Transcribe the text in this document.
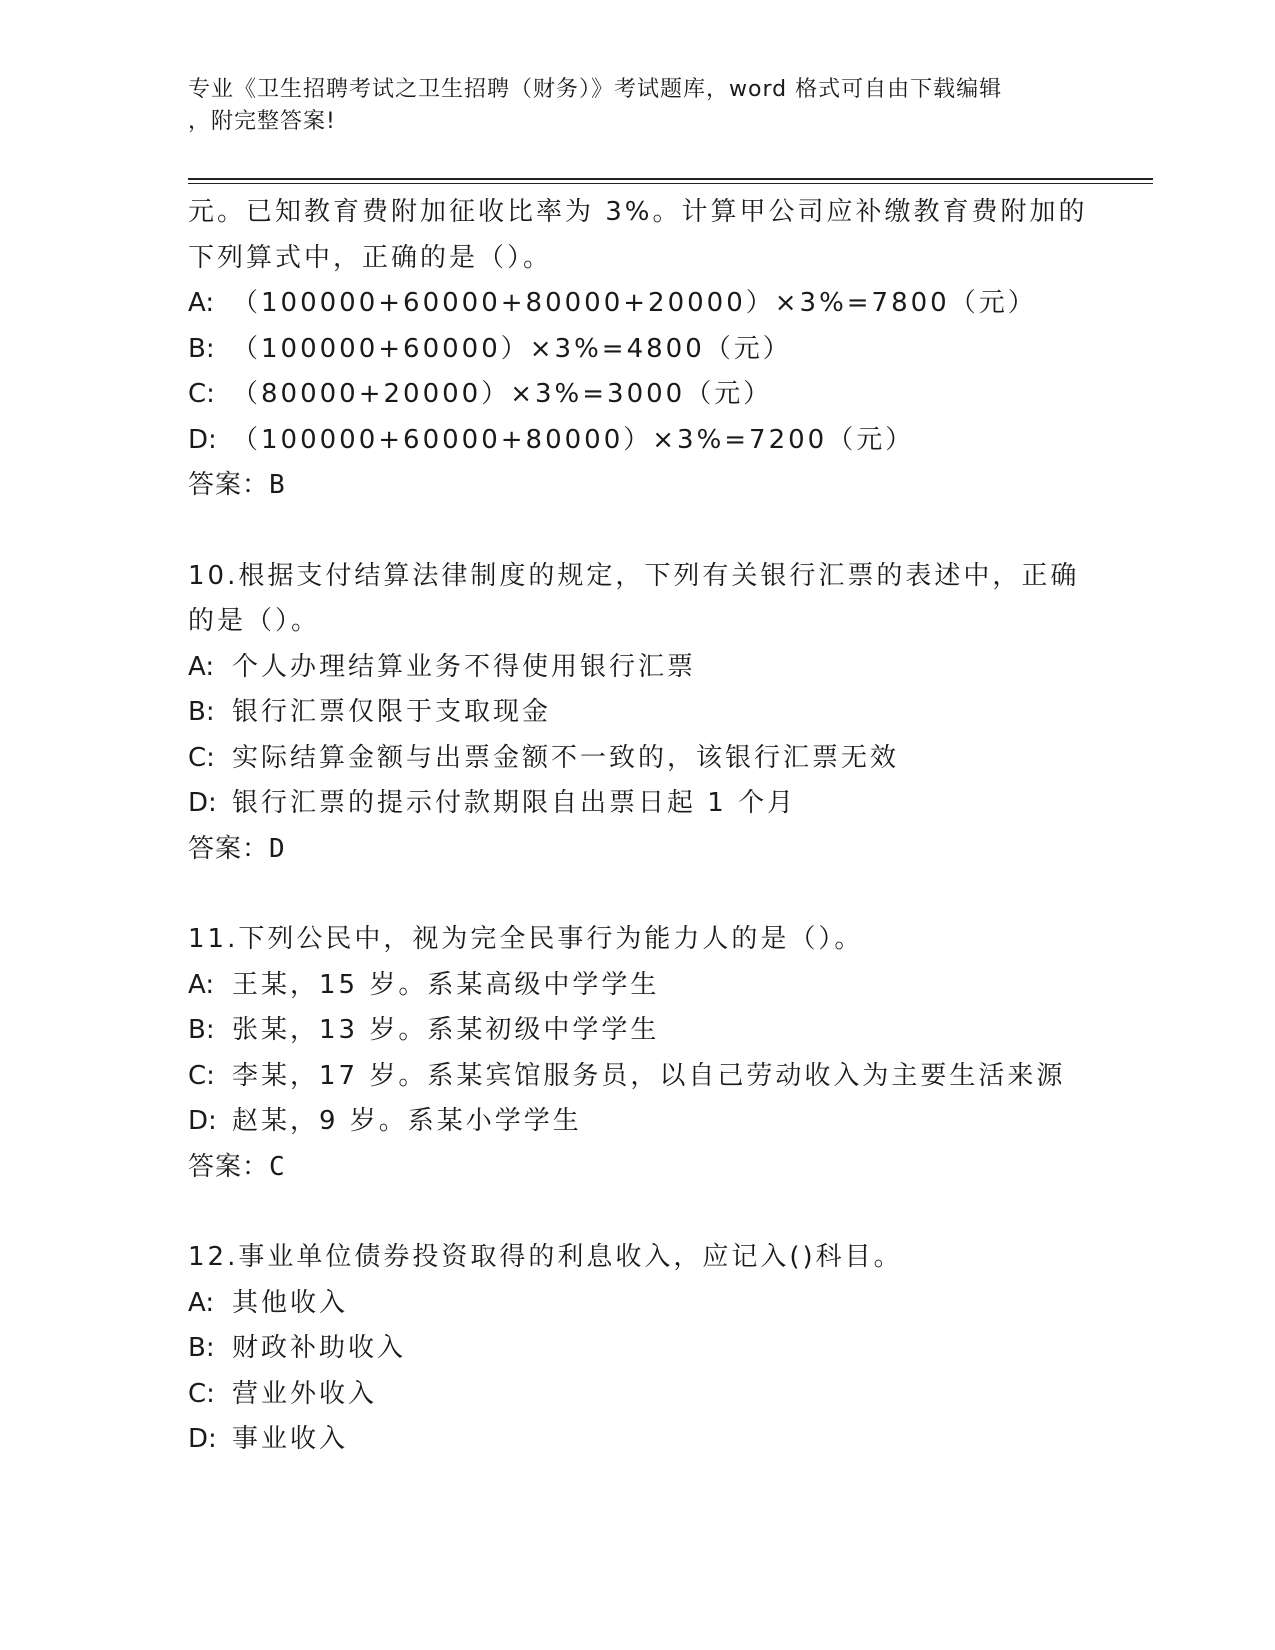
专业《卫生招聘考试之卫生招聘（财务）》考试题库，word 格式可自由下载编辑
，附完整答案!
元。已知教育费附加征收比率为 3%。计算甲公司应补缴教育费附加的
下列算式中，正确的是（）。
A: （100000+60000+80000+20000）×3%=7800（元）
B: （100000+60000）×3%=4800（元）
C: （80000+20000）×3%=3000（元）
D: （100000+60000+80000）×3%=7200（元）
答案：B
10.根据支付结算法律制度的规定，下列有关银行汇票的表述中，正确
的是（）。
A: 个人办理结算业务不得使用银行汇票
B: 银行汇票仅限于支取现金
C: 实际结算金额与出票金额不一致的，该银行汇票无效
D: 银行汇票的提示付款期限自出票日起 1 个月
答案：D
11.下列公民中，视为完全民事行为能力人的是（）。
A: 王某，15 岁。系某高级中学学生
B: 张某，13 岁。系某初级中学学生
C: 李某，17 岁。系某宾馆服务员，以自己劳动收入为主要生活来源
D: 赵某，9 岁。系某小学学生
答案：C
12.事业单位债券投资取得的利息收入，应记入()科目。
A: 其他收入
B: 财政补助收入
C: 营业外收入
D: 事业收入
